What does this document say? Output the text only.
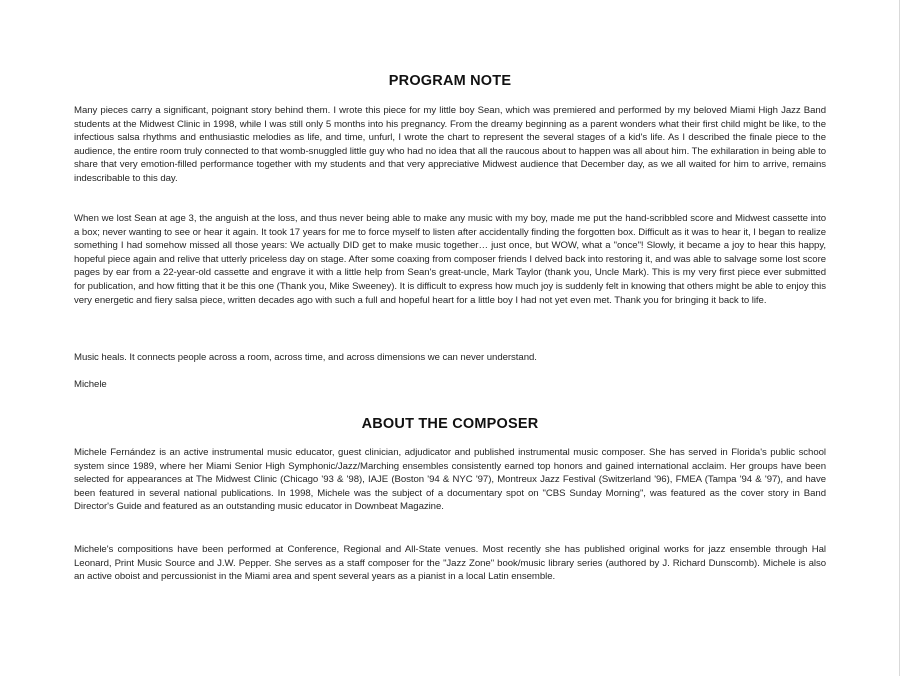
PROGRAM NOTE

Many pieces carry a significant, poignant story behind them. I wrote this piece for my little boy Sean, which was premiered and performed by my beloved Miami High Jazz Band students at the Midwest Clinic in 1998, while I was still only 5 months into his pregnancy. From the dreamy beginning as a parent wonders what their first child might be like, to the infectious salsa rhythms and enthusiastic melodies as life, and time, unfurl, I wrote the chart to represent the several stages of a kid's life. As I described the finale piece to the audience, the entire room truly connected to that womb-snuggled little guy who had no idea that all the raucous about to happen was all about him. The exhilaration in being able to share that very emotion-filled performance together with my students and that very appreciative Midwest audience that December day, as we all waited for him to arrive, remains indescribable to this day.

When we lost Sean at age 3, the anguish at the loss, and thus never being able to make any music with my boy, made me put the hand-scribbled score and Midwest cassette into a box; never wanting to see or hear it again. It took 17 years for me to force myself to listen after accidentally finding the forgotten box. Difficult as it was to hear it, I began to realize something I had somehow missed all those years: We actually DID get to make music together… just once, but WOW, what a "once"! Slowly, it became a joy to hear this happy, hopeful piece again and relive that utterly priceless day on stage. After some coaxing from composer friends I delved back into restoring it, and was able to salvage some lost score pages by ear from a 22-year-old cassette and engrave it with a little help from Sean's great-uncle, Mark Taylor (thank you, Uncle Mark). This is my very first piece ever submitted for publication, and how fitting that it be this one (Thank you, Mike Sweeney). It is difficult to express how much joy is suddenly felt in knowing that others might be able to enjoy this very energetic and fiery salsa piece, written decades ago with such a full and hopeful heart for a little boy I had not yet even met. Thank you for bringing it back to life.

Music heals. It connects people across a room, across time, and across dimensions we can never understand.

Michele

ABOUT THE COMPOSER

Michele Fernández is an active instrumental music educator, guest clinician, adjudicator and published instrumental music composer. She has served in Florida's public school system since 1989, where her Miami Senior High Symphonic/Jazz/Marching ensembles consistently earned top honors and gained international acclaim. Her groups have been selected for appearances at The Midwest Clinic (Chicago '93 & '98), IAJE (Boston '94 & NYC '97), Montreux Jazz Festival (Switzerland '96), FMEA (Tampa '94 & '97), and have been featured in several national publications. In 1998, Michele was the subject of a documentary spot on "CBS Sunday Morning", was featured as the cover story in Band Director's Guide and featured as an outstanding music educator in Downbeat Magazine.

Michele's compositions have been performed at Conference, Regional and All-State venues. Most recently she has published original works for jazz ensemble through Hal Leonard, Print Music Source and J.W. Pepper. She serves as a staff composer for the "Jazz Zone" book/music library series (authored by J. Richard Dunscomb). Michele is also an active oboist and percussionist in the Miami area and spent several years as a pianist in a local Latin ensemble.
